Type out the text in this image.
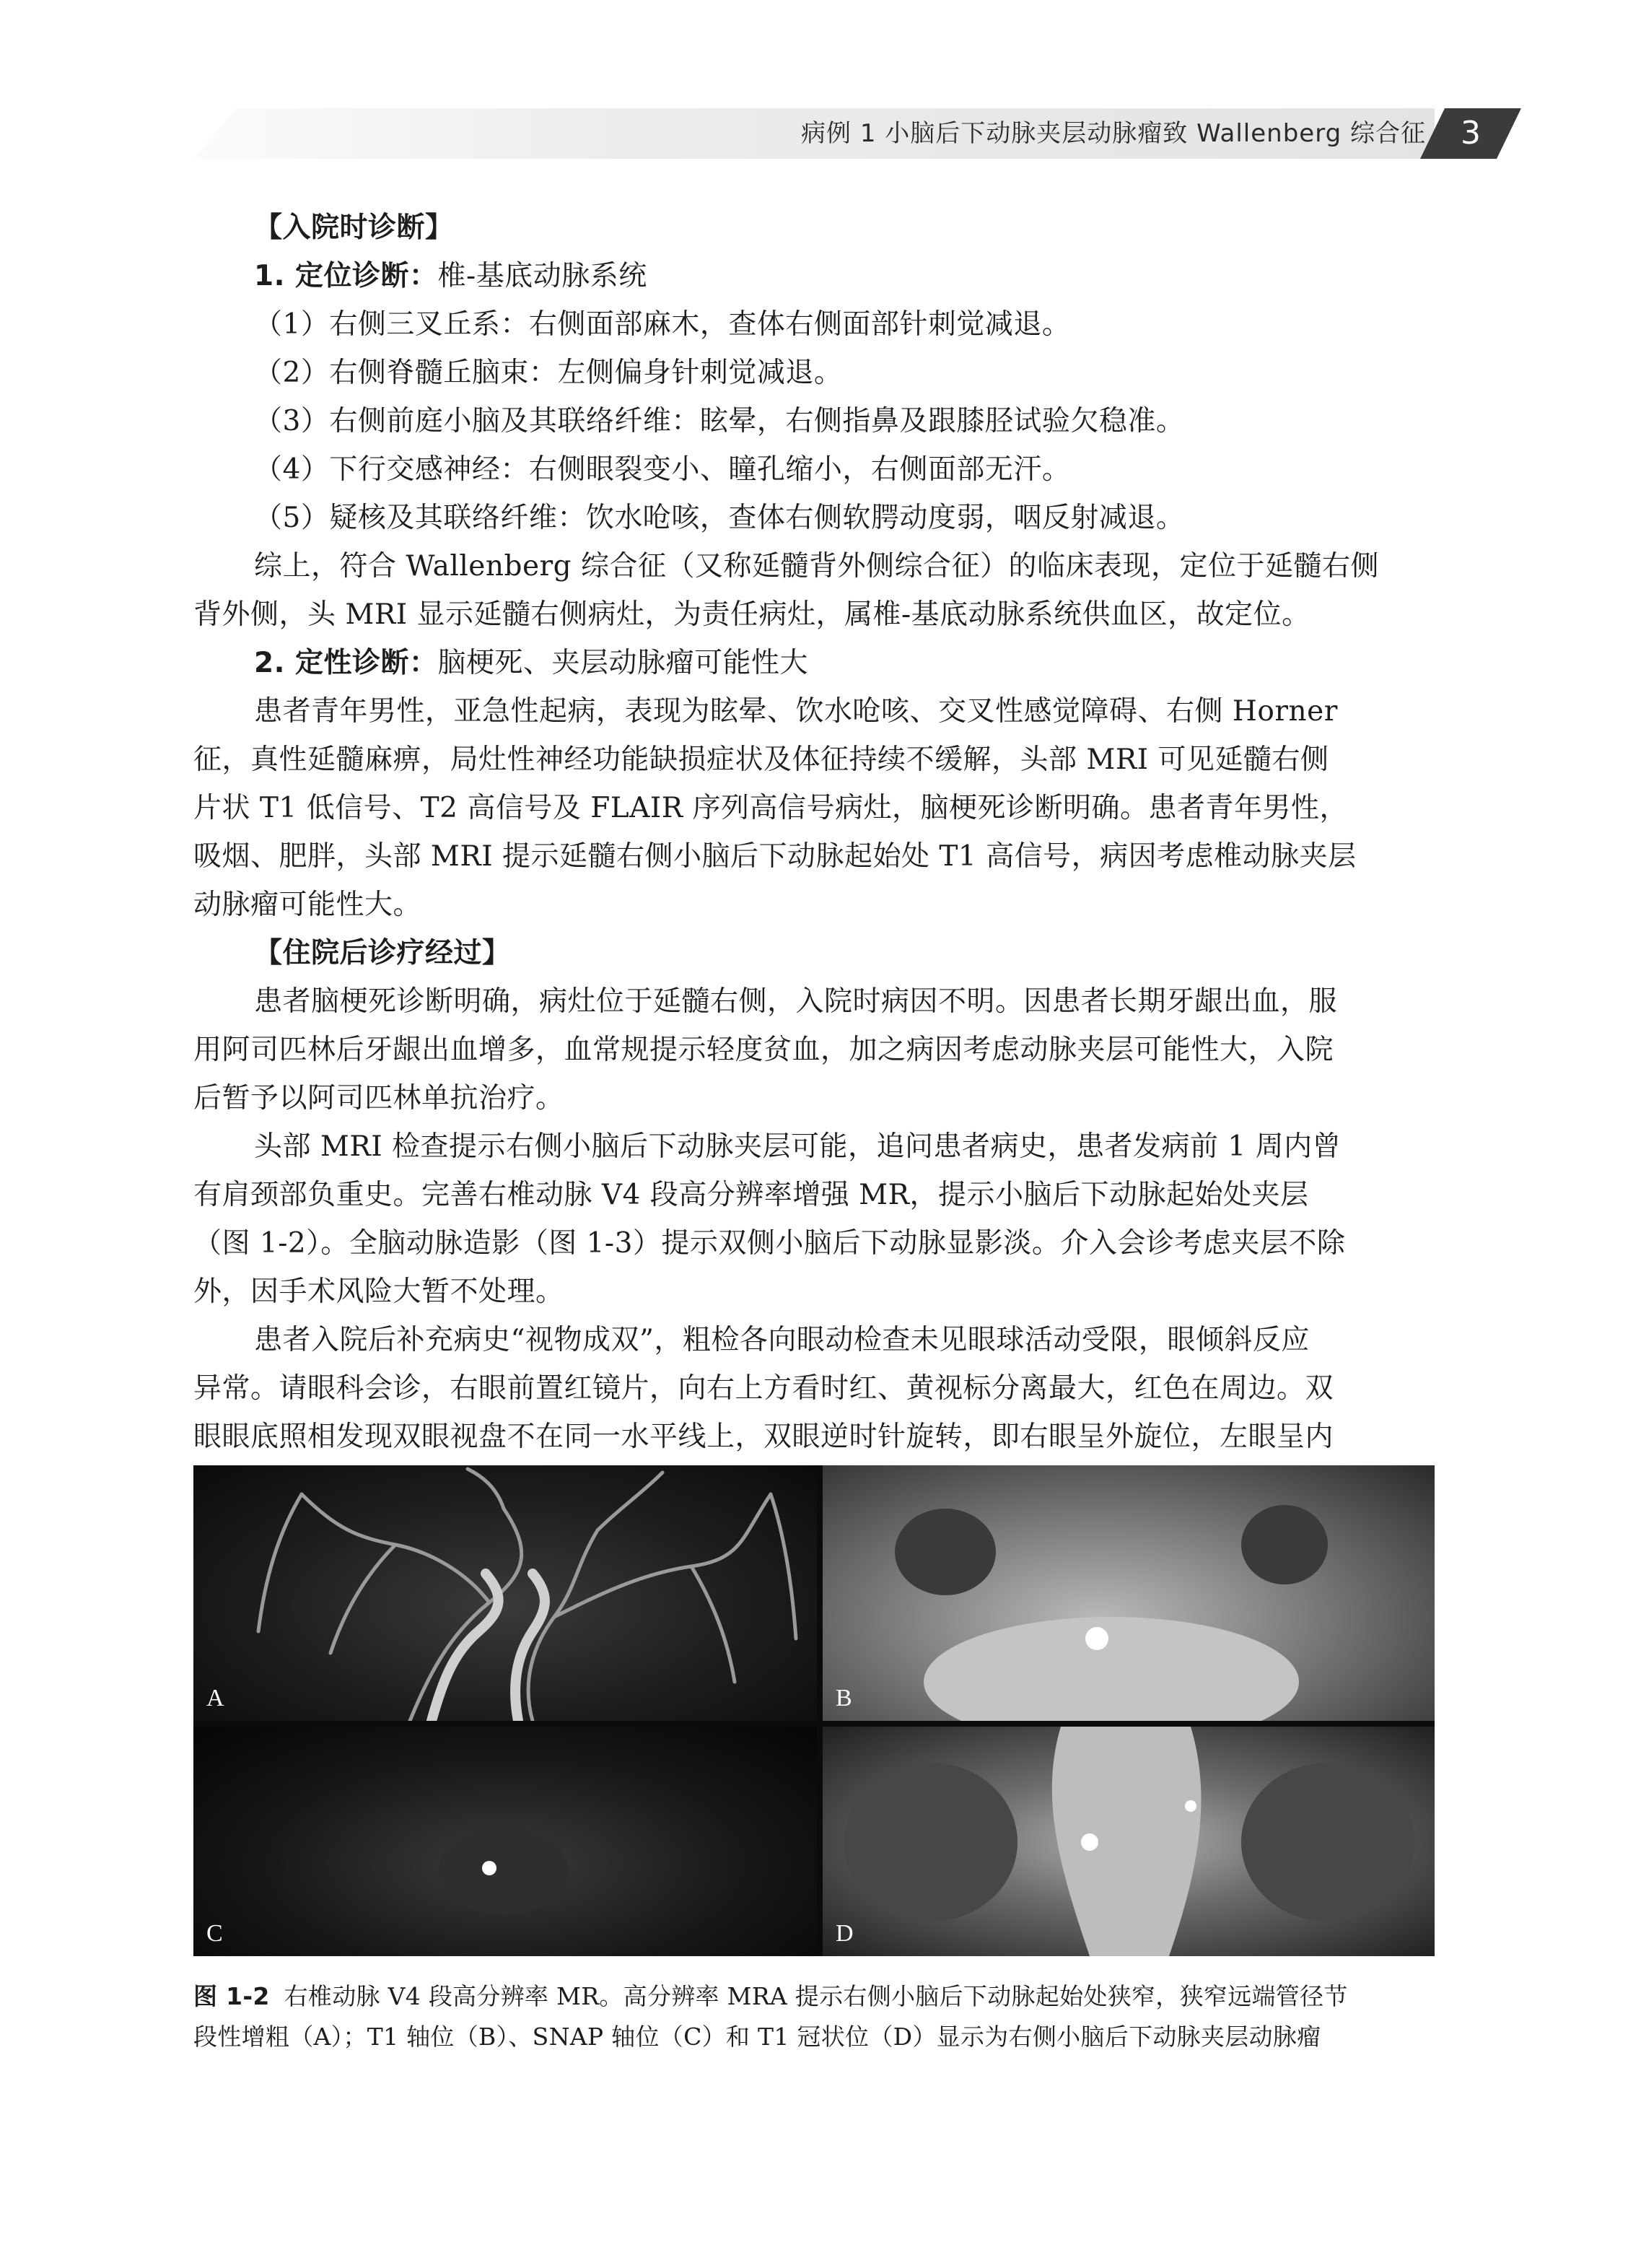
病例 1 小脑后下动脉夹层动脉瘤致 Wallenberg 综合征	3

【入院时诊断】

1. 定位诊断：椎-基底动脉系统

（1）右侧三叉丘系：右侧面部麻木，查体右侧面部针刺觉减退。

（2）右侧脊髓丘脑束：左侧偏身针刺觉减退。

（3）右侧前庭小脑及其联络纤维：眩晕，右侧指鼻及跟膝胫试验欠稳准。

（4）下行交感神经：右侧眼裂变小、瞳孔缩小，右侧面部无汗。

（5）疑核及其联络纤维：饮水呛咳，查体右侧软腭动度弱，咽反射减退。

综上，符合 Wallenberg 综合征（又称延髓背外侧综合征）的临床表现，定位于延髓右侧

背外侧，头 MRI 显示延髓右侧病灶，为责任病灶，属椎-基底动脉系统供血区，故定位。

2. 定性诊断：脑梗死、夹层动脉瘤可能性大

患者青年男性，亚急性起病，表现为眩晕、饮水呛咳、交叉性感觉障碍、右侧 Horner

征，真性延髓麻痹，局灶性神经功能缺损症状及体征持续不缓解，头部 MRI 可见延髓右侧

片状 T1 低信号、T2 高信号及 FLAIR 序列高信号病灶，脑梗死诊断明确。患者青年男性，

吸烟、肥胖，头部 MRI 提示延髓右侧小脑后下动脉起始处 T1 高信号，病因考虑椎动脉夹层

动脉瘤可能性大。

【住院后诊疗经过】

患者脑梗死诊断明确，病灶位于延髓右侧，入院时病因不明。因患者长期牙龈出血，服

用阿司匹林后牙龈出血增多，血常规提示轻度贫血，加之病因考虑动脉夹层可能性大，入院

后暂予以阿司匹林单抗治疗。

头部 MRI 检查提示右侧小脑后下动脉夹层可能，追问患者病史，患者发病前 1 周内曾

有肩颈部负重史。完善右椎动脉 V4 段高分辨率增强 MR，提示小脑后下动脉起始处夹层

（图 1-2）。全脑动脉造影（图 1-3）提示双侧小脑后下动脉显影淡。介入会诊考虑夹层不除

外，因手术风险大暂不处理。

患者入院后补充病史“视物成双”，粗检各向眼动检查未见眼球活动受限，眼倾斜反应

异常。请眼科会诊，右眼前置红镜片，向右上方看时红、黄视标分离最大，红色在周边。双

眼眼底照相发现双眼视盘不在同一水平线上，双眼逆时针旋转，即右眼呈外旋位，左眼呈内

A	B
C	D

图 1-2 右椎动脉 V4 段高分辨率 MR。高分辨率 MRA 提示右侧小脑后下动脉起始处狭窄，狭窄远端管径节

段性增粗（A）；T1 轴位（B）、SNAP 轴位（C）和 T1 冠状位（D）显示为右侧小脑后下动脉夹层动脉瘤
